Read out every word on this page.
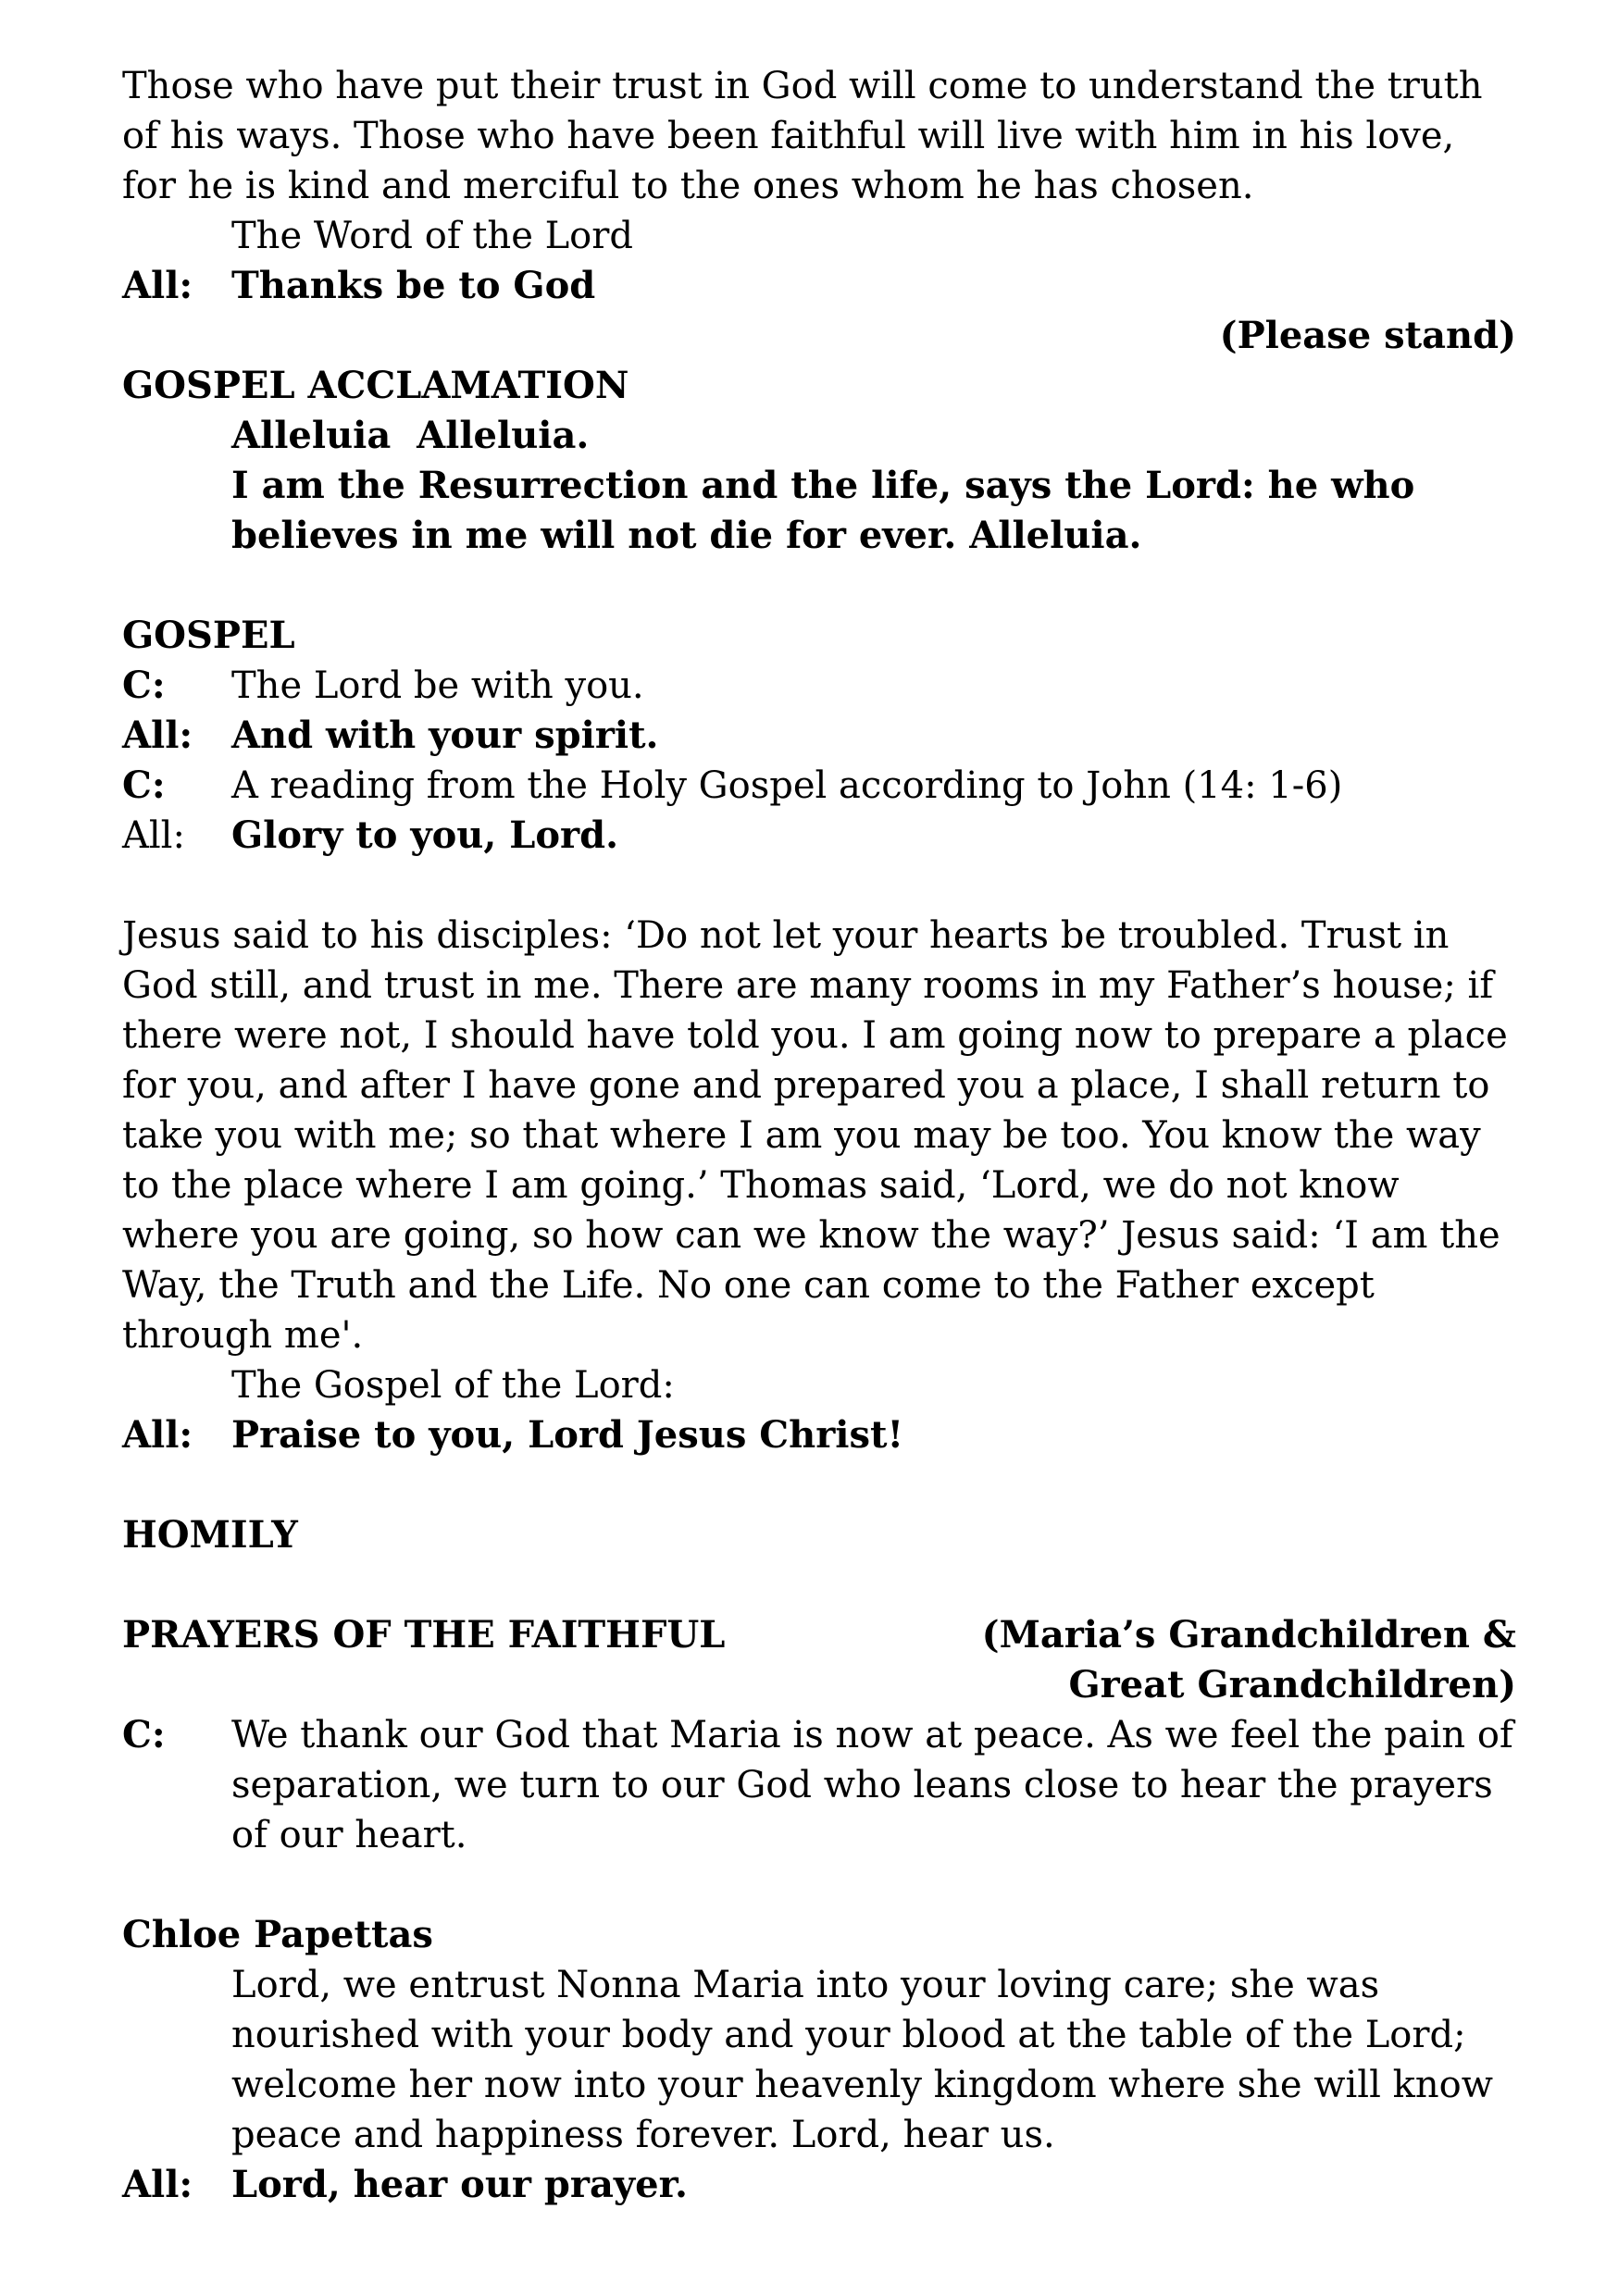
Those who have put their trust in God will come to understand the truth of his ways. Those who have been faithful will live with him in his love, for he is kind and merciful to the ones whom he has chosen.

The Word of the Lord

All:	Thanks be to God

(Please stand)

GOSPEL ACCLAMATION

Alleluia  Alleluia.

I am the Resurrection and the life, says the Lord: he who believes in me will not die for ever. Alleluia.

GOSPEL

C:	The Lord be with you.
All:	And with your spirit.
C:	A reading from the Holy Gospel according to John (14: 1-6)
All:	Glory to you, Lord.

Jesus said to his disciples: ‘Do not let your hearts be troubled. Trust in God still, and trust in me. There are many rooms in my Father’s house; if there were not, I should have told you. I am going now to prepare a place for you, and after I have gone and prepared you a place, I shall return to take you with me; so that where I am you may be too. You know the way to the place where I am going.’ Thomas said, ‘Lord, we do not know where you are going, so how can we know the way?’ Jesus said: ‘I am the Way, the Truth and the Life. No one can come to the Father except through me'.

The Gospel of the Lord:

All:	Praise to you, Lord Jesus Christ!

HOMILY

PRAYERS OF THE FAITHFUL	(Maria’s Grandchildren &
Great Grandchildren)
C:	We thank our God that Maria is now at peace. As we feel the pain of separation, we turn to our God who leans close to hear the prayers of our heart.

Chloe Papettas

Lord, we entrust Nonna Maria into your loving care; she was nourished with your body and your blood at the table of the Lord; welcome her now into your heavenly kingdom where she will know peace and happiness forever. Lord, hear us.

All:	Lord, hear our prayer.
